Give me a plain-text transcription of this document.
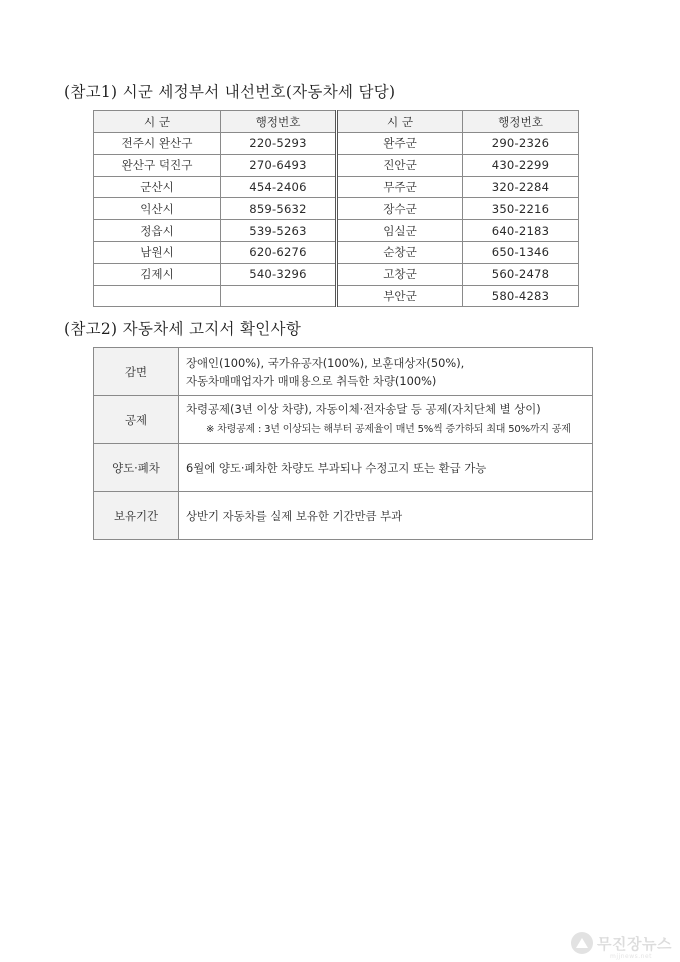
(참고1) 시군 세정부서 내선번호(자동차세 담당)
시 군	행정번호	시 군	행정번호
전주시 완산구	220-5293	완주군	290-2326
완산구 덕진구	270-6493	진안군	430-2299
군산시	454-2406	무주군	320-2284
익산시	859-5632	장수군	350-2216
정읍시	539-5263	임실군	640-2183
남원시	620-6276	순창군	650-1346
김제시	540-3296	고창군	560-2478
		부안군	580-4283
(참고2) 자동차세 고지서 확인사항
감면	장애인(100%), 국가유공자(100%), 보훈대상자(50%),
자동차매매업자가 매매용으로 취득한 차량(100%)

공제	차령공제(3년 이상 차량), 자동이체·전자송달 등 공제(자치단체 별 상이)
※ 차령공제 : 3년 이상되는 해부터 공제율이 매년 5%씩 증가하되 최대 50%까지 공제

양도·폐차	6월에 양도·폐차한 차량도 부과되나 수정고지 또는 환급 가능
보유기간	상반기 자동차를 실제 보유한 기간만큼 부과
무진장뉴스
mjjnews.net
